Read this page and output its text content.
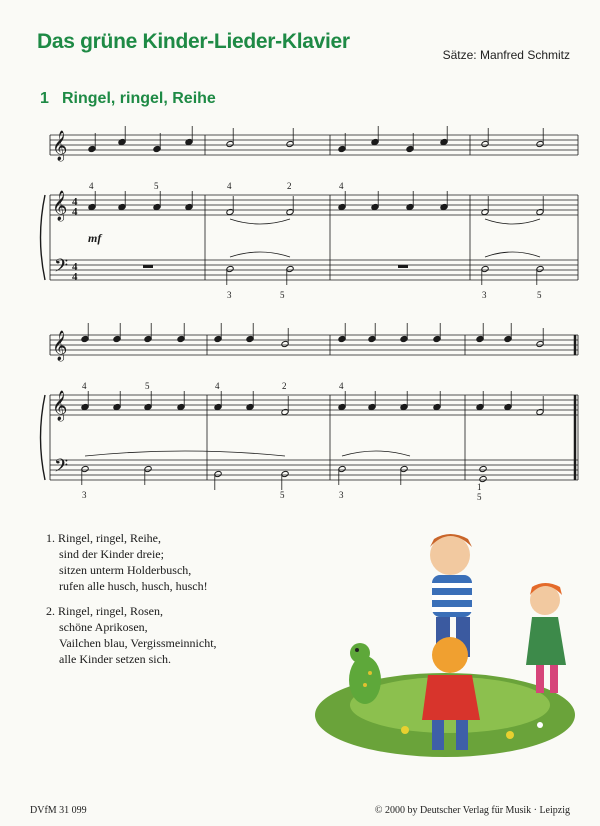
Das grüne Kinder-Lieder-Klavier
Sätze: Manfred Schmitz
1 Ringel, ringel, Reihe
𝄞
𝄞
𝄢
4
4
4
4
4	5	4	2	4
3	5	3	5
mf
𝄞
𝄞
𝄢
4	5	4	2	4
3	5	3
1
5
1. Ringel, ringel, Reihe,
sind der Kinder dreie;
sitzen unterm Holderbusch,
rufen alle husch, husch, husch!
2. Ringel, ringel, Rosen,
schöne Aprikosen,
Vailchen blau, Vergissmeinnicht,
alle Kinder setzen sich.
DVfM 31 099	© 2000 by Deutscher Verlag für Musik · Leipzig
